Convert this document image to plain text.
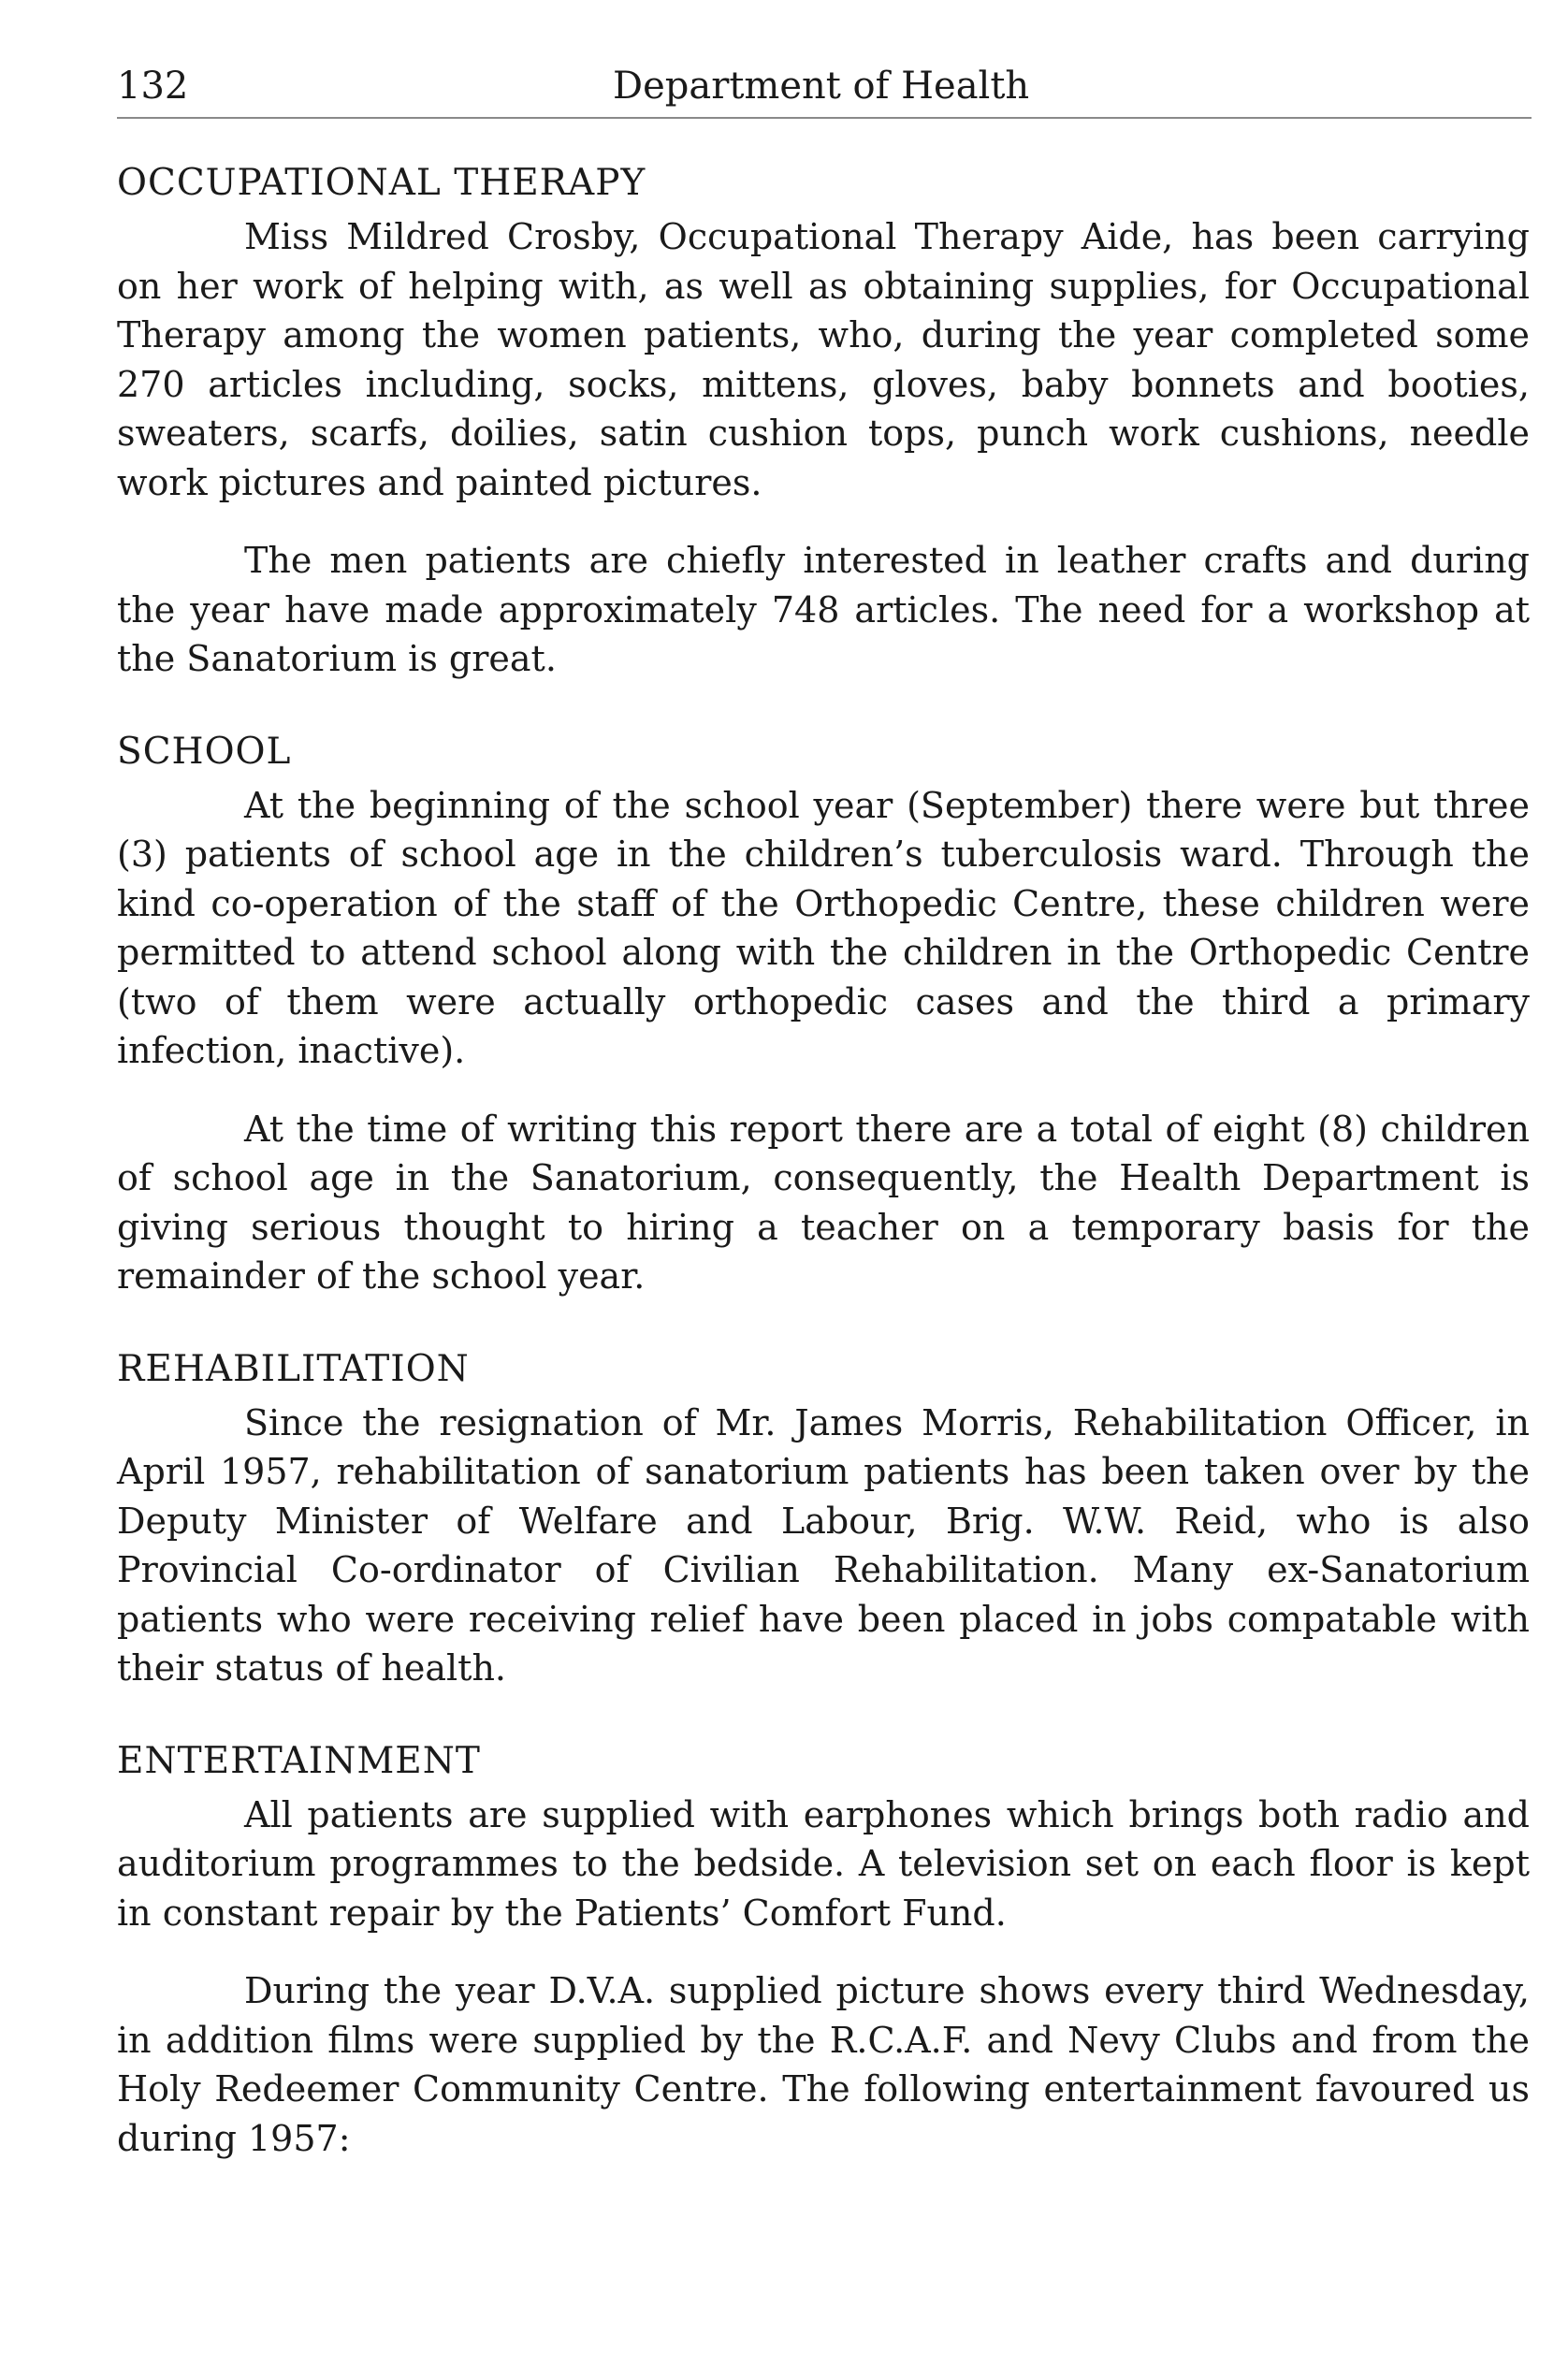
132	Department of Health
OCCUPATIONAL THERAPY

Miss Mildred Crosby, Occupational Therapy Aide, has been carrying on her work of helping with, as well as obtaining supplies, for Occupational Therapy among the women patients, who, during the year completed some 270 articles including, socks, mittens, gloves, baby bonnets and booties, sweaters, scarfs, doilies, satin cushion tops, punch work cushions, needle work pictures and painted pictures.

The men patients are chiefly interested in leather crafts and during the year have made approximately 748 articles. The need for a workshop at the Sanatorium is great.

SCHOOL

At the beginning of the school year (September) there were but three (3) patients of school age in the children’s tuberculosis ward. Through the kind co-operation of the staff of the Orthopedic Centre, these children were permitted to attend school along with the children in the Orthopedic Centre (two of them were actually orthopedic cases and the third a primary infection, inactive).

At the time of writing this report there are a total of eight (8) children of school age in the Sanatorium, consequently, the Health Department is giving serious thought to hiring a teacher on a temporary basis for the remainder of the school year.

REHABILITATION

Since the resignation of Mr. James Morris, Rehabilitation Officer, in April 1957, rehabilitation of sanatorium patients has been taken over by the Deputy Minister of Welfare and Labour, Brig. W.W. Reid, who is also Provincial Co-ordinator of Civilian Rehabilitation. Many ex-Sanatorium patients who were receiving relief have been placed in jobs compatable with their status of health.

ENTERTAINMENT

All patients are supplied with earphones which brings both radio and auditorium programmes to the bedside. A television set on each floor is kept in constant repair by the Patients’ Comfort Fund.

During the year D.V.A. supplied picture shows every third Wednesday, in addition films were supplied by the R.C.A.F. and Nevy Clubs and from the Holy Redeemer Community Centre. The following entertainment favoured us during 1957:
